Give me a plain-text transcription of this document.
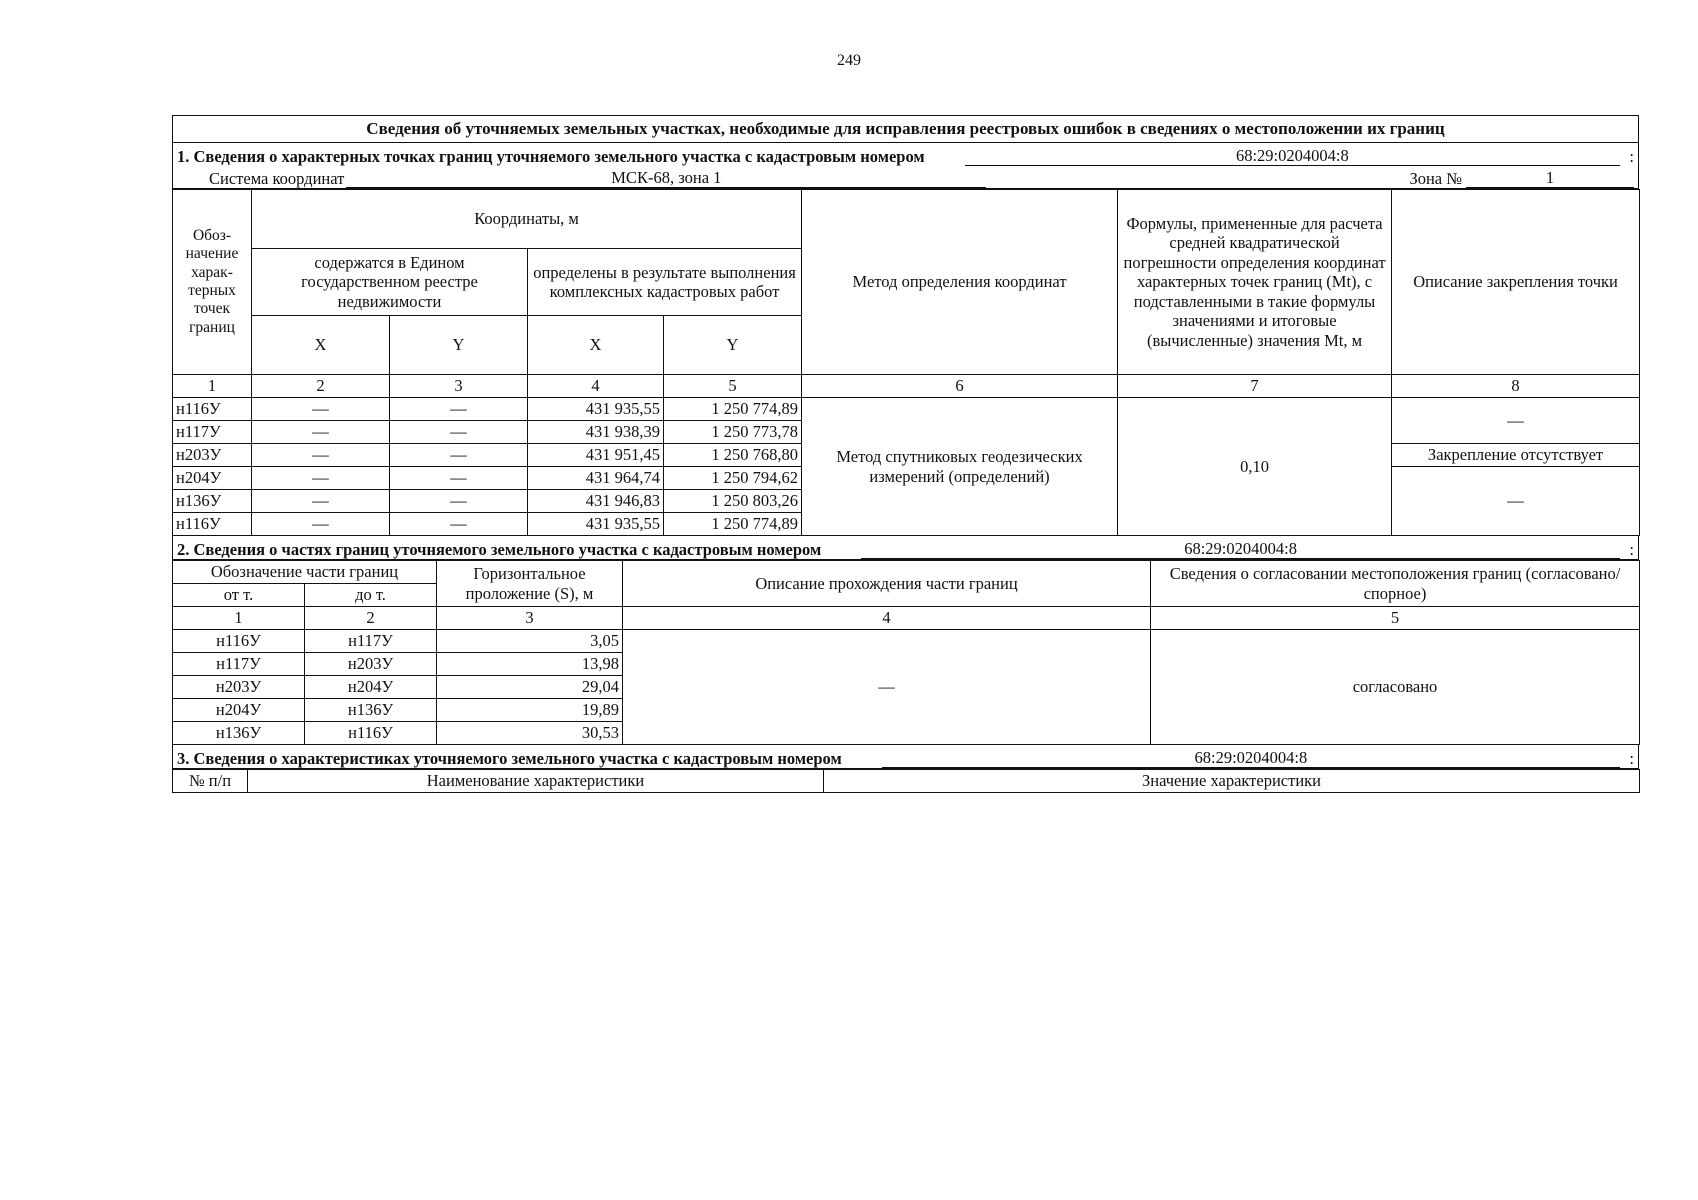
249
Сведения об уточняемых земельных участках, необходимые для исправления реестровых ошибок в сведениях о местоположении их границ
1. Сведения о характерных точках границ уточняемого земельного участка с кадастровым номером	68:29:0204004:8	:
Система координат	МСК-68, зона 1	Зона №	1
Обоз-начение харак-терных точек границ	Координаты, м				Метод определения координат	Формулы, примененные для расчета средней квадратической погрешности определения координат характерных точек границ (Mt), с подставленными в такие формулы значениями и итоговые (вычисленные) значения Mt, м	Описание закрепления точки
	содержатся в Едином государственном реестре недвижимости		определены в результате выполнения комплексных кадастровых работ				
	X	Y	X	Y			
1	2	3	4	5	6	7	8
н116У	—	—	431 935,55	1 250 774,89	Метод спутниковых геодезических измерений (определений)	0,10	—
н117У	—	—	431 938,39	1 250 773,78			
н203У	—	—	431 951,45	1 250 768,80			Закрепление отсутствует
н204У	—	—	431 964,74	1 250 794,62			—
н136У	—	—	431 946,83	1 250 803,26			
н116У	—	—	431 935,55	1 250 774,89			
2. Сведения о частях границ уточняемого земельного участка с кадастровым номером	68:29:0204004:8	:
Обозначение части границ		Горизонтальное проложение (S), м	Описание прохождения части границ	Сведения о согласовании местоположения границ (согласовано/спорное)
от т.	до т.			
1	2	3	4	5
н116У	н117У	3,05	—	согласовано
н117У	н203У	13,98		
н203У	н204У	29,04		
н204У	н136У	19,89		
н136У	н116У	30,53		
3. Сведения о характеристиках уточняемого земельного участка с кадастровым номером	68:29:0204004:8	:
№ п/п	Наименование характеристики	Значение характеристики
